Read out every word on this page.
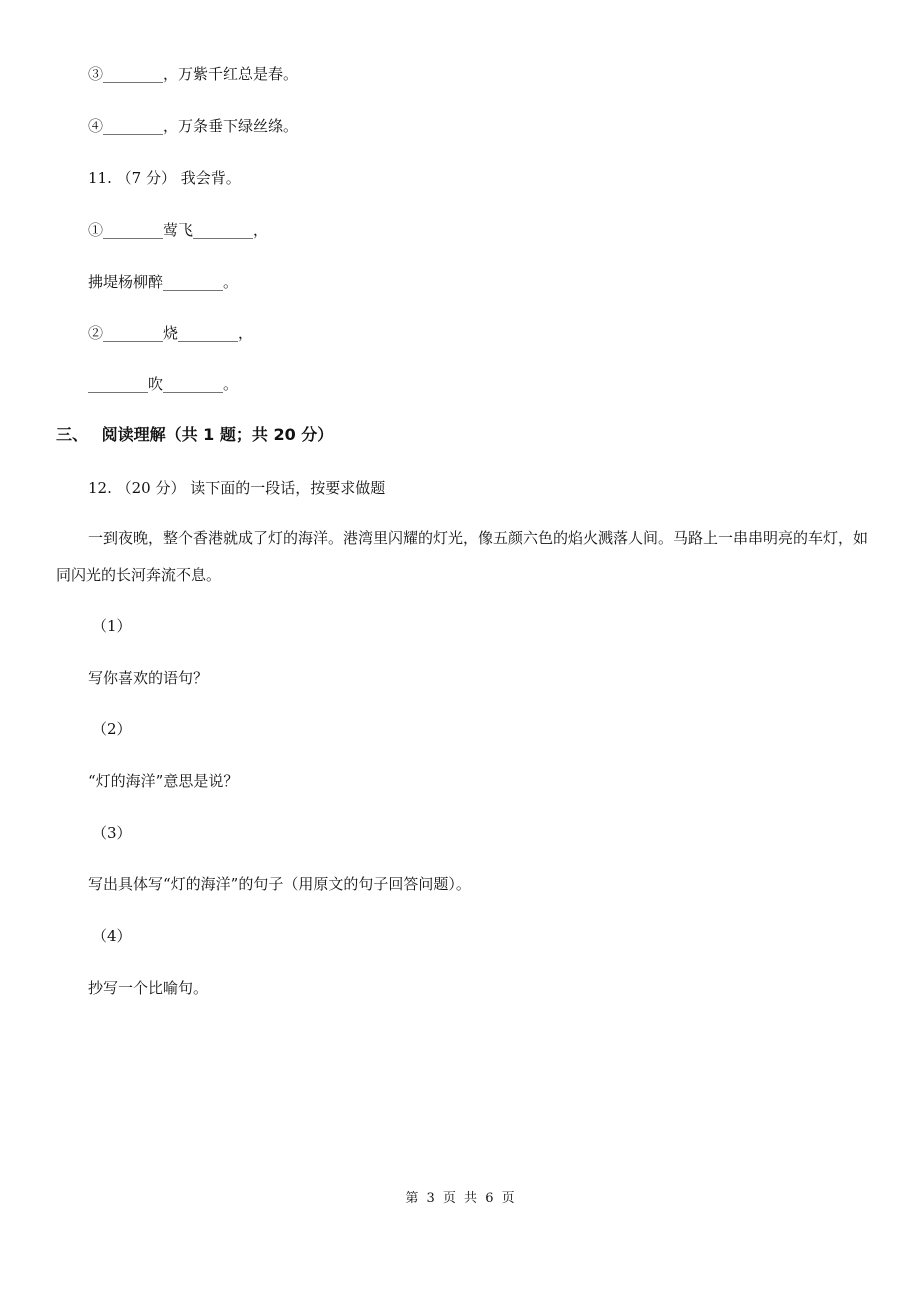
③________，万紫千红总是春。
④________，万条垂下绿丝绦。
11. （7 分） 我会背。
①________莺飞________，
拂堤杨柳醉________。
②________烧________，
________吹________。
三、 阅读理解（共 1 题；共 20 分）
12. （20 分） 读下面的一段话，按要求做题
一到夜晚，整个香港就成了灯的海洋。港湾里闪耀的灯光，像五颜六色的焰火溅落人间。马路上一串串明亮的车灯，如同闪光的长河奔流不息。
（1）
写你喜欢的语句？
（2）
“灯的海洋”意思是说？
（3）
写出具体写“灯的海洋”的句子（用原文的句子回答问题）。
（4）
抄写一个比喻句。
第 3 页 共 6 页
